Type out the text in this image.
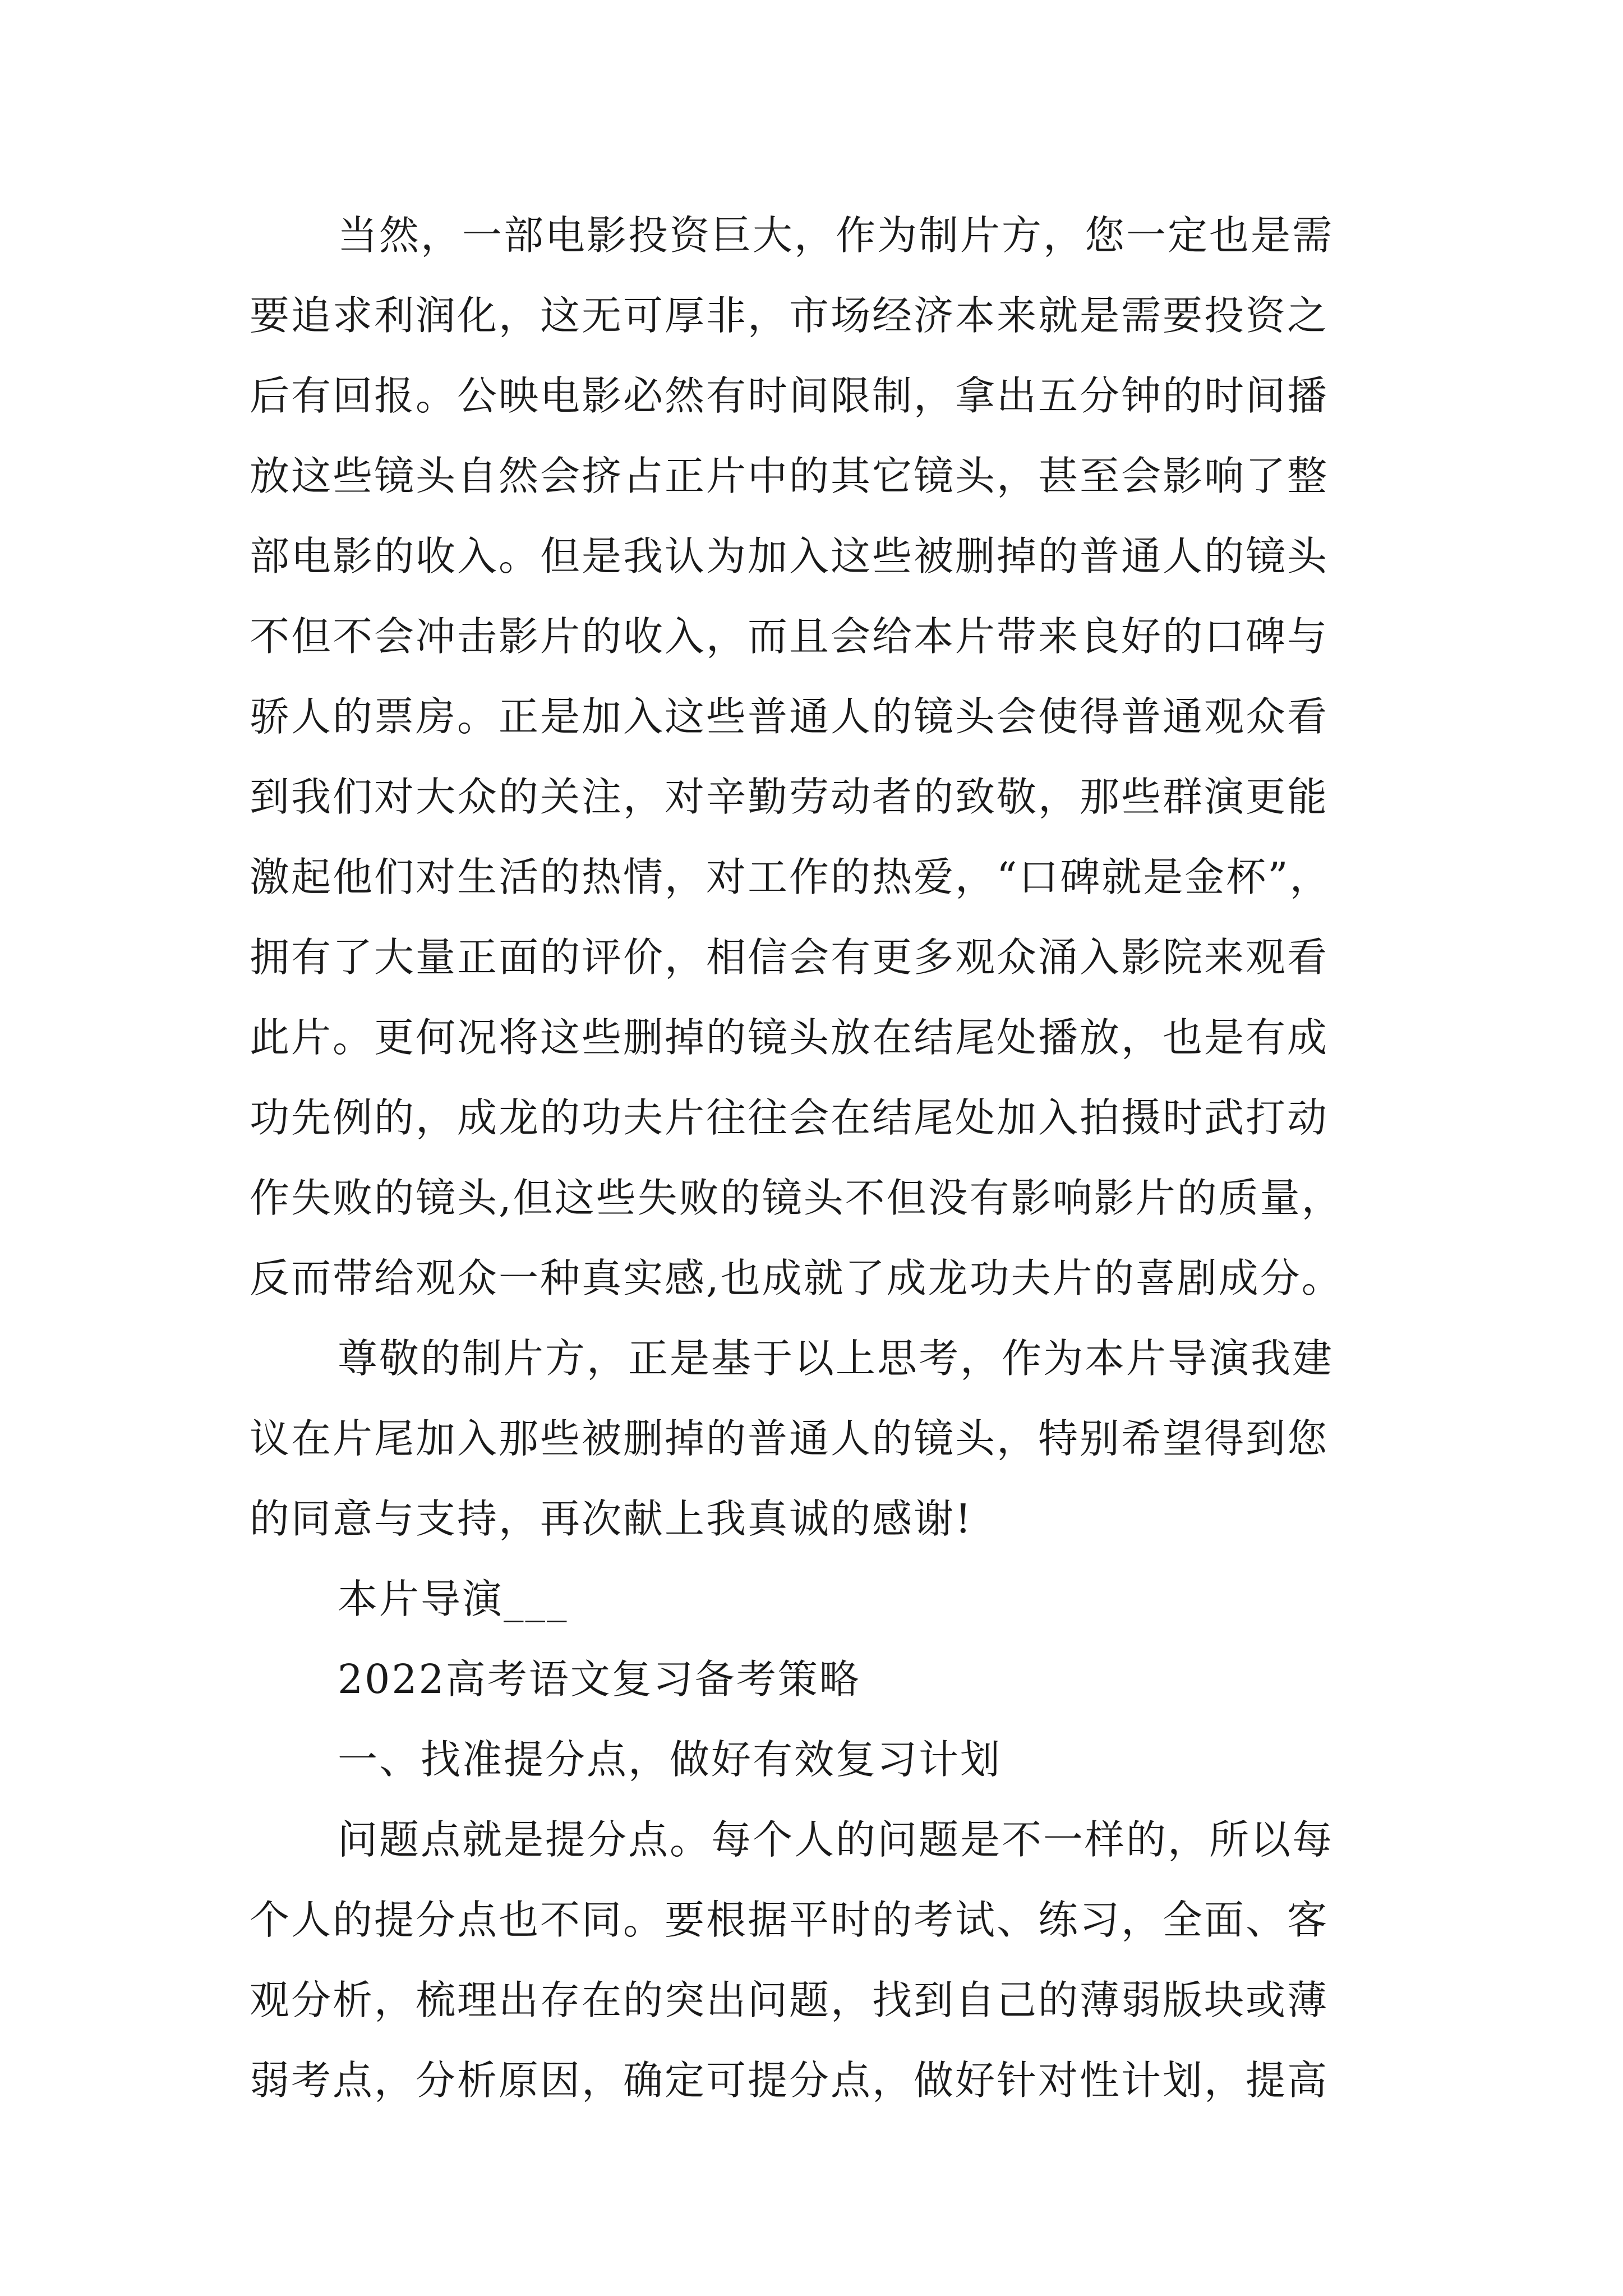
当然，一部电影投资巨大，作为制片方，您一定也是需
要追求利润化，这无可厚非，市场经济本来就是需要投资之
后有回报。公映电影必然有时间限制，拿出五分钟的时间播
放这些镜头自然会挤占正片中的其它镜头，甚至会影响了整
部电影的收入。但是我认为加入这些被删掉的普通人的镜头
不但不会冲击影片的收入，而且会给本片带来良好的口碑与
骄人的票房。正是加入这些普通人的镜头会使得普通观众看
到我们对大众的关注，对辛勤劳动者的致敬，那些群演更能
激起他们对生活的热情，对工作的热爱，“口碑就是金杯”，
拥有了大量正面的评价，相信会有更多观众涌入影院来观看
此片。更何况将这些删掉的镜头放在结尾处播放，也是有成
功先例的，成龙的功夫片往往会在结尾处加入拍摄时武打动
作失败的镜头,但这些失败的镜头不但没有影响影片的质量，
反而带给观众一种真实感,也成就了成龙功夫片的喜剧成分。
尊敬的制片方，正是基于以上思考，作为本片导演我建
议在片尾加入那些被删掉的普通人的镜头，特别希望得到您
的同意与支持，再次献上我真诚的感谢!
本片导演___
2022高考语文复习备考策略
一、找准提分点，做好有效复习计划
问题点就是提分点。每个人的问题是不一样的，所以每
个人的提分点也不同。要根据平时的考试、练习，全面、客
观分析，梳理出存在的突出问题，找到自己的薄弱版块或薄
弱考点，分析原因，确定可提分点，做好针对性计划，提高
